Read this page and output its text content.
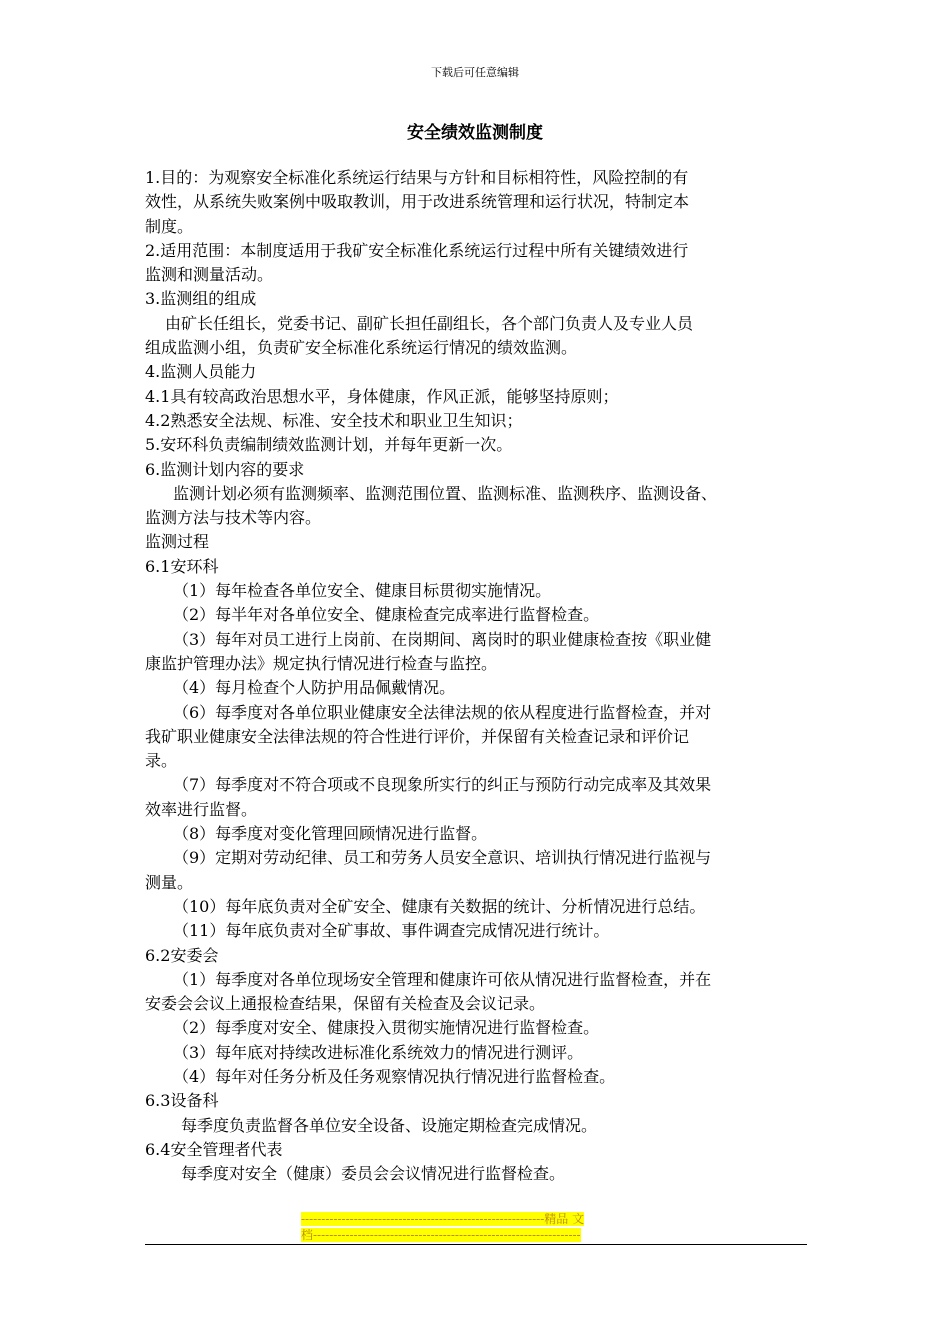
下载后可任意编辑
安全绩效监测制度
1.目的：为观察安全标准化系统运行结果与方针和目标相符性，风险控制的有
效性，从系统失败案例中吸取教训，用于改进系统管理和运行状况，特制定本
制度。
2.适用范围：本制度适用于我矿安全标准化系统运行过程中所有关键绩效进行
监测和测量活动。
3.监测组的组成
由矿长任组长，党委书记、副矿长担任副组长，各个部门负责人及专业人员
组成监测小组，负责矿安全标准化系统运行情况的绩效监测。
4.监测人员能力
4.1具有较高政治思想水平，身体健康，作风正派，能够坚持原则；
4.2熟悉安全法规、标准、安全技术和职业卫生知识；
5.安环科负责编制绩效监测计划，并每年更新一次。
6.监测计划内容的要求
监测计划必须有监测频率、监测范围位置、监测标准、监测秩序、监测设备、
监测方法与技术等内容。
监测过程
6.1安环科
（1）每年检查各单位安全、健康目标贯彻实施情况。
（2）每半年对各单位安全、健康检查完成率进行监督检查。
（3）每年对员工进行上岗前、在岗期间、离岗时的职业健康检查按《职业健
康监护管理办法》规定执行情况进行检查与监控。
（4）每月检查个人防护用品佩戴情况。
（6）每季度对各单位职业健康安全法律法规的依从程度进行监督检查，并对
我矿职业健康安全法律法规的符合性进行评价，并保留有关检查记录和评价记
录。
（7）每季度对不符合项或不良现象所实行的纠正与预防行动完成率及其效果
效率进行监督。
（8）每季度对变化管理回顾情况进行监督。
（9）定期对劳动纪律、员工和劳务人员安全意识、培训执行情况进行监视与
测量。
（10）每年底负责对全矿安全、健康有关数据的统计、分析情况进行总结。
（11）每年底负责对全矿事故、事件调查完成情况进行统计。
6.2安委会
（1）每季度对各单位现场安全管理和健康许可依从情况进行监督检查，并在
安委会会议上通报检查结果，保留有关检查及会议记录。
（2）每季度对安全、健康投入贯彻实施情况进行监督检查。
（3）每年底对持续改进标准化系统效力的情况进行测评。
（4）每年对任务分析及任务观察情况执行情况进行监督检查。
6.3设备科
每季度负责监督各单位安全设备、设施定期检查完成情况。
6.4安全管理者代表
每季度对安全（健康）委员会会议情况进行监督检查。
------------------------------------------------------------精品 文
档------------------------------------------------------------------
